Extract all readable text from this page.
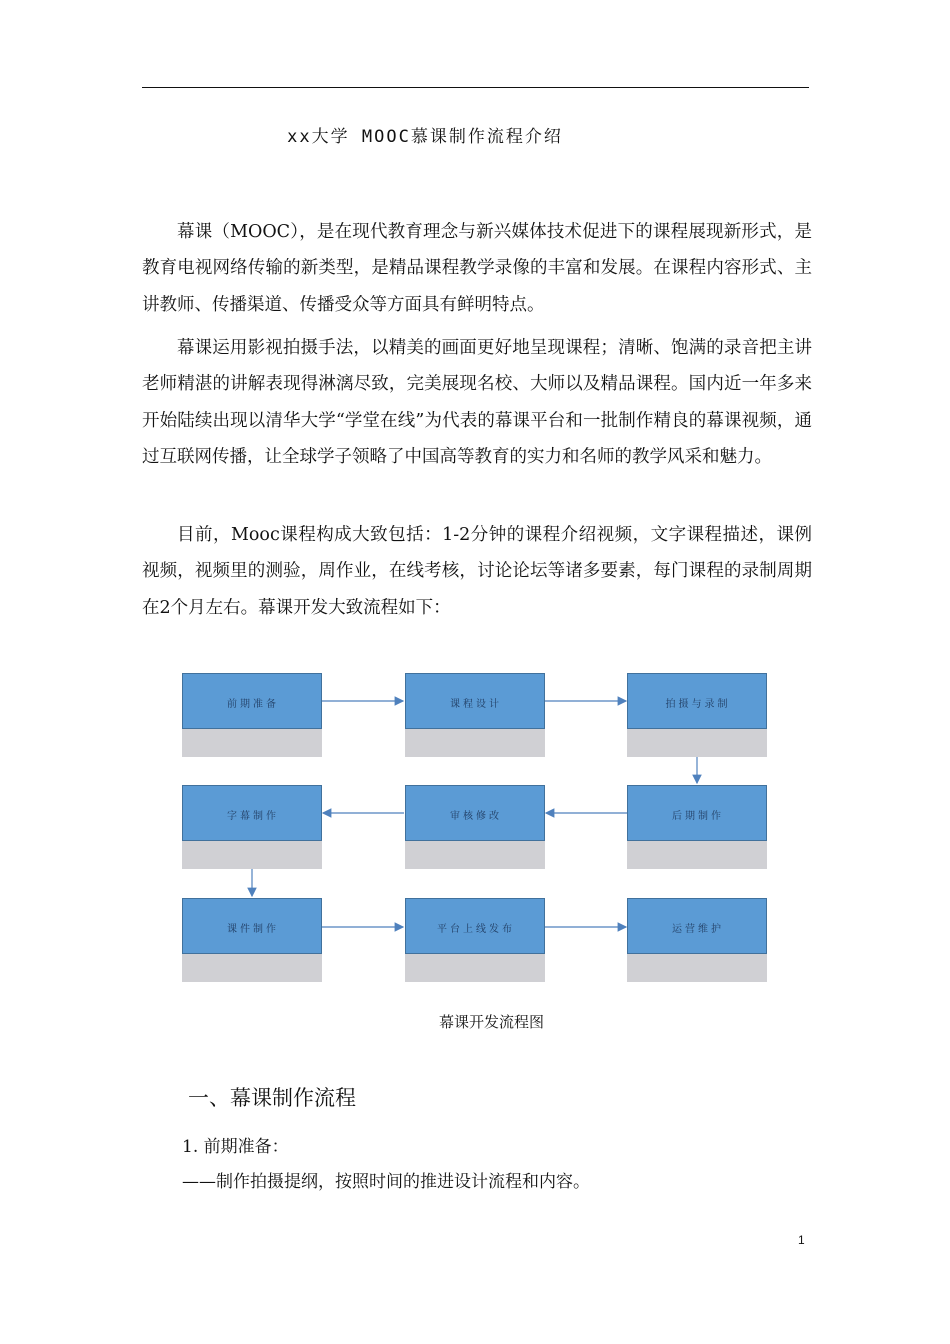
xx大学 MOOC慕课制作流程介绍

幕课（MOOC），是在现代教育理念与新兴媒体技术促进下的课程展现新形式，是教育电视网络传输的新类型，是精品课程教学录像的丰富和发展。在课程内容形式、主讲教师、传播渠道、传播受众等方面具有鲜明特点。

幕课运用影视拍摄手法，以精美的画面更好地呈现课程；清晰、饱满的录音把主讲老师精湛的讲解表现得淋漓尽致，完美展现名校、大师以及精品课程。国内近一年多来开始陆续出现以清华大学“学堂在线”为代表的幕课平台和一批制作精良的幕课视频，通过互联网传播，让全球学子领略了中国高等教育的实力和名师的教学风采和魅力。

目前，Mooc课程构成大致包括：1-2分钟的课程介绍视频，文字课程描述，课例视频，视频里的测验，周作业，在线考核，讨论论坛等诸多要素，每门课程的录制周期在2个月左右。幕课开发大致流程如下：

前期准备	课程设计	拍摄与录制
后期制作
审核修改
字幕制作
课件制作	平台上线发布	运营维护
幕课开发流程图
一、幕课制作流程
1. 前期准备：
——制作拍摄提纲，按照时间的推进设计流程和内容。
1
